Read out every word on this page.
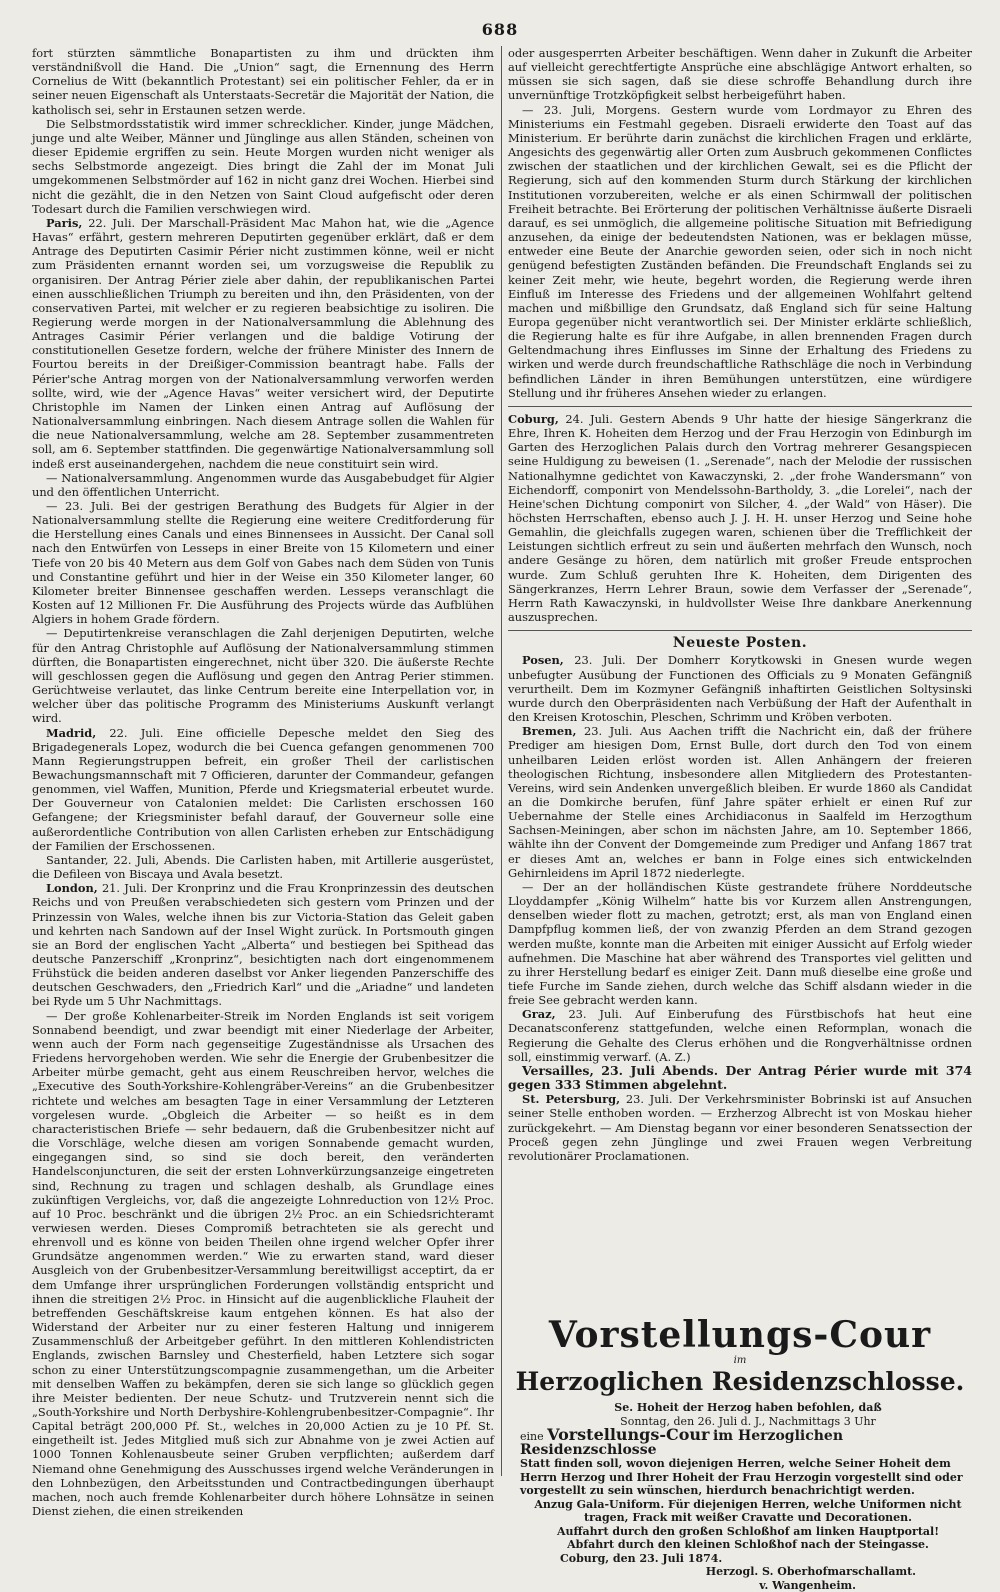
688

fort stürzten sämmtliche Bonapartisten zu ihm und drückten ihm verständnißvoll die Hand. Die „Union“ sagt, die Ernennung des Herrn Cornelius de Witt (bekanntlich Protestant) sei ein politischer Fehler, da er in seiner neuen Eigenschaft als Unterstaats-Secretär die Majorität der Nation, die katholisch sei, sehr in Erstaunen setzen werde.

Die Selbstmordsstatistik wird immer schrecklicher. Kinder, junge Mädchen, junge und alte Weiber, Männer und Jünglinge aus allen Ständen, scheinen von dieser Epidemie ergriffen zu sein. Heute Morgen wurden nicht weniger als sechs Selbstmorde angezeigt. Dies bringt die Zahl der im Monat Juli umgekommenen Selbstmörder auf 162 in nicht ganz drei Wochen. Hierbei sind nicht die gezählt, die in den Netzen von Saint Cloud aufgefischt oder deren Todesart durch die Familien verschwiegen wird.

Paris, 22. Juli. Der Marschall-Präsident Mac Mahon hat, wie die „Agence Havas“ erfährt, gestern mehreren Deputirten gegenüber erklärt, daß er dem Antrage des Deputirten Casimir Périer nicht zustimmen könne, weil er nicht zum Präsidenten ernannt worden sei, um vorzugsweise die Republik zu organisiren. Der Antrag Périer ziele aber dahin, der republikanischen Partei einen ausschließlichen Triumph zu bereiten und ihn, den Präsidenten, von der conservativen Partei, mit welcher er zu regieren beabsichtige zu isoliren. Die Regierung werde morgen in der Nationalversammlung die Ablehnung des Antrages Casimir Périer verlangen und die baldige Votirung der constitutionellen Gesetze fordern, welche der frühere Minister des Innern de Fourtou bereits in der Dreißiger-Commission beantragt habe. Falls der Périer'sche Antrag morgen von der Nationalversammlung verworfen werden sollte, wird, wie der „Agence Havas“ weiter versichert wird, der Deputirte Christophle im Namen der Linken einen Antrag auf Auflösung der Nationalversammlung einbringen. Nach diesem Antrage sollen die Wahlen für die neue Nationalversammlung, welche am 28. September zusammentreten soll, am 6. September stattfinden. Die gegenwärtige Nationalversammlung soll indeß erst auseinandergehen, nachdem die neue constituirt sein wird.

— Nationalversammlung. Angenommen wurde das Ausgabebudget für Algier und den öffentlichen Unterricht.

— 23. Juli. Bei der gestrigen Berathung des Budgets für Algier in der Nationalversammlung stellte die Regierung eine weitere Creditforderung für die Herstellung eines Canals und eines Binnensees in Aussicht. Der Canal soll nach den Entwürfen von Lesseps in einer Breite von 15 Kilometern und einer Tiefe von 20 bis 40 Metern aus dem Golf von Gabes nach dem Süden von Tunis und Constantine geführt und hier in der Weise ein 350 Kilometer langer, 60 Kilometer breiter Binnensee geschaffen werden. Lesseps veranschlagt die Kosten auf 12 Millionen Fr. Die Ausführung des Projects würde das Aufblühen Algiers in hohem Grade fördern.

— Deputirtenkreise veranschlagen die Zahl derjenigen Deputirten, welche für den Antrag Christophle auf Auflösung der Nationalversammlung stimmen dürften, die Bonapartisten eingerechnet, nicht über 320. Die äußerste Rechte will geschlossen gegen die Auflösung und gegen den Antrag Perier stimmen. Gerüchtweise verlautet, das linke Centrum bereite eine Interpellation vor, in welcher über das politische Programm des Ministeriums Auskunft verlangt wird.

Madrid, 22. Juli. Eine officielle Depesche meldet den Sieg des Brigadegenerals Lopez, wodurch die bei Cuenca gefangen genommenen 700 Mann Regierungstruppen befreit, ein großer Theil der carlistischen Bewachungsmannschaft mit 7 Officieren, darunter der Commandeur, gefangen genommen, viel Waffen, Munition, Pferde und Kriegsmaterial erbeutet wurde. Der Gouverneur von Catalonien meldet: Die Carlisten erschossen 160 Gefangene; der Kriegsminister befahl darauf, der Gouverneur solle eine außerordentliche Contribution von allen Carlisten erheben zur Entschädigung der Familien der Erschossenen.

Santander, 22. Juli, Abends. Die Carlisten haben, mit Artillerie ausgerüstet, die Defileen von Biscaya und Avala besetzt.

London, 21. Juli. Der Kronprinz und die Frau Kronprinzessin des deutschen Reichs und von Preußen verabschiedeten sich gestern vom Prinzen und der Prinzessin von Wales, welche ihnen bis zur Victoria-Station das Geleit gaben und kehrten nach Sandown auf der Insel Wight zurück. In Portsmouth gingen sie an Bord der englischen Yacht „Alberta“ und bestiegen bei Spithead das deutsche Panzerschiff „Kronprinz“, besichtigten nach dort eingenommenem Frühstück die beiden anderen daselbst vor Anker liegenden Panzerschiffe des deutschen Geschwaders, den „Friedrich Karl“ und die „Ariadne“ und landeten bei Ryde um 5 Uhr Nachmittags.

— Der große Kohlenarbeiter-Streik im Norden Englands ist seit vorigem Sonnabend beendigt, und zwar beendigt mit einer Niederlage der Arbeiter, wenn auch der Form nach gegenseitige Zugeständnisse als Ursachen des Friedens hervorgehoben werden. Wie sehr die Energie der Grubenbesitzer die Arbeiter mürbe gemacht, geht aus einem Reuschreiben hervor, welches die „Executive des South-Yorkshire-Kohlengräber-Vereins“ an die Grubenbesitzer richtete und welches am besagten Tage in einer Versammlung der Letzteren vorgelesen wurde. „Obgleich die Arbeiter — so heißt es in dem characteristischen Briefe — sehr bedauern, daß die Grubenbesitzer nicht auf die Vorschläge, welche diesen am vorigen Sonnabende gemacht wurden, eingegangen sind, so sind sie doch bereit, den veränderten Handelsconjuncturen, die seit der ersten Lohnverkürzungsanzeige eingetreten sind, Rechnung zu tragen und schlagen deshalb, als Grundlage eines zukünftigen Vergleichs, vor, daß die angezeigte Lohnreduction von 12½ Proc. auf 10 Proc. beschränkt und die übrigen 2½ Proc. an ein Schiedsrichteramt verwiesen werden. Dieses Compromiß betrachteten sie als gerecht und ehrenvoll und es könne von beiden Theilen ohne irgend welcher Opfer ihrer Grundsätze angenommen werden.“ Wie zu erwarten stand, ward dieser Ausgleich von der Grubenbesitzer-Versammlung bereitwilligst acceptirt, da er dem Umfange ihrer ursprünglichen Forderungen vollständig entspricht und ihnen die streitigen 2½ Proc. in Hinsicht auf die augenblickliche Flauheit der betreffenden Geschäftskreise kaum entgehen können. Es hat also der Widerstand der Arbeiter nur zu einer festeren Haltung und innigerem Zusammenschluß der Arbeitgeber geführt. In den mittleren Kohlendistricten Englands, zwischen Barnsley und Chesterfield, haben Letztere sich sogar schon zu einer Unterstützungscompagnie zusammengethan, um die Arbeiter mit denselben Waffen zu bekämpfen, deren sie sich lange so glücklich gegen ihre Meister bedienten. Der neue Schutz- und Trutzverein nennt sich die „South-Yorkshire und North Derbyshire-Kohlengrubenbesitzer-Compagnie“. Ihr Capital beträgt 200,000 Pf. St., welches in 20,000 Actien zu je 10 Pf. St. eingetheilt ist. Jedes Mitglied muß sich zur Abnahme von je zwei Actien auf 1000 Tonnen Kohlenausbeute seiner Gruben verpflichten; außerdem darf Niemand ohne Genehmigung des Ausschusses irgend welche Veränderungen in den Lohnbezügen, den Arbeitsstunden und Contractbedingungen überhaupt machen, noch auch fremde Kohlenarbeiter durch höhere Lohnsätze in seinen Dienst ziehen, die einen streikenden

oder ausgesperrten Arbeiter beschäftigen. Wenn daher in Zukunft die Arbeiter auf vielleicht gerechtfertigte Ansprüche eine abschlägige Antwort erhalten, so müssen sie sich sagen, daß sie diese schroffe Behandlung durch ihre unvernünftige Trotzköpfigkeit selbst herbeigeführt haben.

— 23. Juli, Morgens. Gestern wurde vom Lordmayor zu Ehren des Ministeriums ein Festmahl gegeben. Disraeli erwiderte den Toast auf das Ministerium. Er berührte darin zunächst die kirchlichen Fragen und erklärte, Angesichts des gegenwärtig aller Orten zum Ausbruch gekommenen Conflictes zwischen der staatlichen und der kirchlichen Gewalt, sei es die Pflicht der Regierung, sich auf den kommenden Sturm durch Stärkung der kirchlichen Institutionen vorzubereiten, welche er als einen Schirmwall der politischen Freiheit betrachte. Bei Erörterung der politischen Verhältnisse äußerte Disraeli darauf, es sei unmöglich, die allgemeine politische Situation mit Befriedigung anzusehen, da einige der bedeutendsten Nationen, was er beklagen müsse, entweder eine Beute der Anarchie geworden seien, oder sich in noch nicht genügend befestigten Zuständen befänden. Die Freundschaft Englands sei zu keiner Zeit mehr, wie heute, begehrt worden, die Regierung werde ihren Einfluß im Interesse des Friedens und der allgemeinen Wohlfahrt geltend machen und mißbillige den Grundsatz, daß England sich für seine Haltung Europa gegenüber nicht verantwortlich sei. Der Minister erklärte schließlich, die Regierung halte es für ihre Aufgabe, in allen brennenden Fragen durch Geltendmachung ihres Einflusses im Sinne der Erhaltung des Friedens zu wirken und werde durch freundschaftliche Rathschläge die noch in Verbindung befindlichen Länder in ihren Bemühungen unterstützen, eine würdigere Stellung und ihr früheres Ansehen wieder zu erlangen.

Coburg, 24. Juli. Gestern Abends 9 Uhr hatte der hiesige Sängerkranz die Ehre, Ihren K. Hoheiten dem Herzog und der Frau Herzogin von Edinburgh im Garten des Herzoglichen Palais durch den Vortrag mehrerer Gesangspiecen seine Huldigung zu beweisen (1. „Serenade“, nach der Melodie der russischen Nationalhymne gedichtet von Kawaczynski, 2. „der frohe Wandersmann“ von Eichendorff, componirt von Mendelssohn-Bartholdy, 3. „die Lorelei“, nach der Heine'schen Dichtung componirt von Silcher, 4. „der Wald“ von Häser). Die höchsten Herrschaften, ebenso auch J. J. H. H. unser Herzog und Seine hohe Gemahlin, die gleichfalls zugegen waren, schienen über die Trefflichkeit der Leistungen sichtlich erfreut zu sein und äußerten mehrfach den Wunsch, noch andere Gesänge zu hören, dem natürlich mit großer Freude entsprochen wurde. Zum Schluß geruhten Ihre K. Hoheiten, dem Dirigenten des Sängerkranzes, Herrn Lehrer Braun, sowie dem Verfasser der „Serenade“, Herrn Rath Kawaczynski, in huldvollster Weise Ihre dankbare Anerkennung auszusprechen.

Neueste Posten.

Posen, 23. Juli. Der Domherr Korytkowski in Gnesen wurde wegen unbefugter Ausübung der Functionen des Officials zu 9 Monaten Gefängniß verurtheilt. Dem im Kozmyner Gefängniß inhaftirten Geistlichen Soltysinski wurde durch den Oberpräsidenten nach Verbüßung der Haft der Aufenthalt in den Kreisen Krotoschin, Pleschen, Schrimm und Kröben verboten.

Bremen, 23. Juli. Aus Aachen trifft die Nachricht ein, daß der frühere Prediger am hiesigen Dom, Ernst Bulle, dort durch den Tod von einem unheilbaren Leiden erlöst worden ist. Allen Anhängern der freieren theologischen Richtung, insbesondere allen Mitgliedern des Protestanten-Vereins, wird sein Andenken unvergeßlich bleiben. Er wurde 1860 als Candidat an die Domkirche berufen, fünf Jahre später erhielt er einen Ruf zur Uebernahme der Stelle eines Archidiaconus in Saalfeld im Herzogthum Sachsen-Meiningen, aber schon im nächsten Jahre, am 10. September 1866, wählte ihn der Convent der Domgemeinde zum Prediger und Anfang 1867 trat er dieses Amt an, welches er bann in Folge eines sich entwickelnden Gehirnleidens im April 1872 niederlegte.

— Der an der holländischen Küste gestrandete frühere Norddeutsche Lloyddampfer „König Wilhelm“ hatte bis vor Kurzem allen Anstrengungen, denselben wieder flott zu machen, getrotzt; erst, als man von England einen Dampfpflug kommen ließ, der von zwanzig Pferden an dem Strand gezogen werden mußte, konnte man die Arbeiten mit einiger Aussicht auf Erfolg wieder aufnehmen. Die Maschine hat aber während des Transportes viel gelitten und zu ihrer Herstellung bedarf es einiger Zeit. Dann muß dieselbe eine große und tiefe Furche im Sande ziehen, durch welche das Schiff alsdann wieder in die freie See gebracht werden kann.

Graz, 23. Juli. Auf Einberufung des Fürstbischofs hat heut eine Decanatsconferenz stattgefunden, welche einen Reformplan, wonach die Regierung die Gehalte des Clerus erhöhen und die Rongverhältnisse ordnen soll, einstimmig verwarf. (A. Z.)

Versailles, 23. Juli Abends. Der Antrag Périer wurde mit 374 gegen 333 Stimmen abgelehnt.

St. Petersburg, 23. Juli. Der Verkehrsminister Bobrinski ist auf Ansuchen seiner Stelle enthoben worden. — Erzherzog Albrecht ist von Moskau hieher zurückgekehrt. — Am Dienstag begann vor einer besonderen Senatssection der Proceß gegen zehn Jünglinge und zwei Frauen wegen Verbreitung revolutionärer Proclamationen.

Vorstellungs-Cour
im
Herzoglichen Residenzschlosse.
Se. Hoheit der Herzog haben befohlen, daß
Sonntag, den 26. Juli d. J., Nachmittags 3 Uhr
eine Vorstellungs-Cour im Herzoglichen Residenzschlosse
Statt finden soll, wovon diejenigen Herren, welche Seiner Hoheit dem Herrn Herzog und Ihrer Hoheit der Frau Herzogin vorgestellt sind oder vorgestellt zu sein wünschen, hierdurch benachrichtigt werden.
Anzug Gala-Uniform. Für diejenigen Herren, welche Uniformen nicht tragen, Frack mit weißer Cravatte und Decorationen.
Auffahrt durch den großen Schloßhof am linken Hauptportal!
Abfahrt durch den kleinen Schloßhof nach der Steingasse.
Coburg, den 23. Juli 1874.
Herzogl. S. Oberhofmarschallamt.
v. Wangenheim.
